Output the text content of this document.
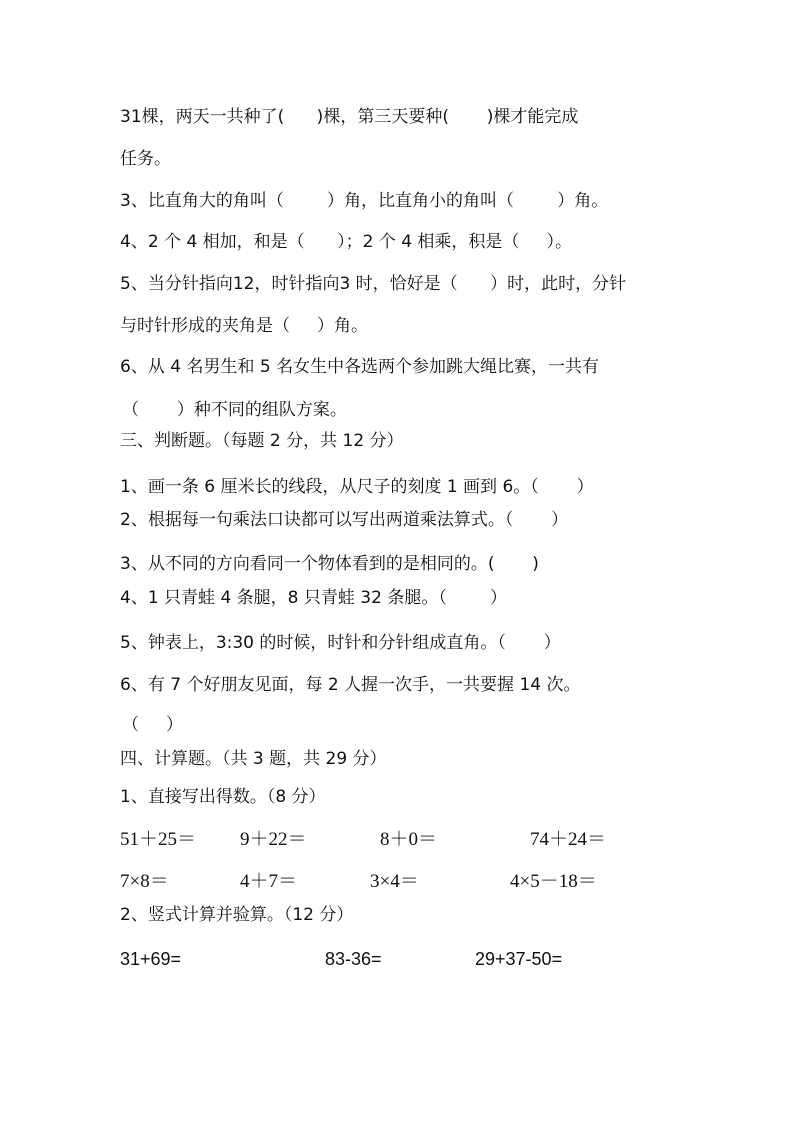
31棵，两天一共种了(      )棵，第三天要种(       )棵才能完成
任务。
3、比直角大的角叫（        ）角，比直角小的角叫（        ）角。
4、2 个 4 相加，和是（      ）；2 个 4 相乘，积是（     ）。
5、当分针指向12，时针指向3 时，恰好是（      ）时，此时，分针
与时针形成的夹角是（     ）角。
6、从 4 名男生和 5 名女生中各选两个参加跳大绳比赛，一共有
（       ）种不同的组队方案。
三、判断题。（每题 2 分，共 12 分）
1、画一条 6 厘米长的线段，从尺子的刻度 1 画到 6。（       ）
2、根据每一句乘法口诀都可以写出两道乘法算式。（       ）
3、从不同的方向看同一个物体看到的是相同的。(       )
4、1 只青蛙 4 条腿，8 只青蛙 32 条腿。（        ）
5、钟表上，3:30 的时候，时针和分针组成直角。（       ）
6、有 7 个好朋友见面，每 2 人握一次手，一共要握 14 次。
（     ）
四、计算题。（共 3 题，共 29 分）
1、直接写出得数。（8 分）
51＋25＝ 9＋22＝	8＋0＝	74＋24＝
7×8＝	4＋7＝	3×4＝	4×5－18＝
2、竖式计算并验算。（12 分）
31+69=	83-36=	29+37-50=
